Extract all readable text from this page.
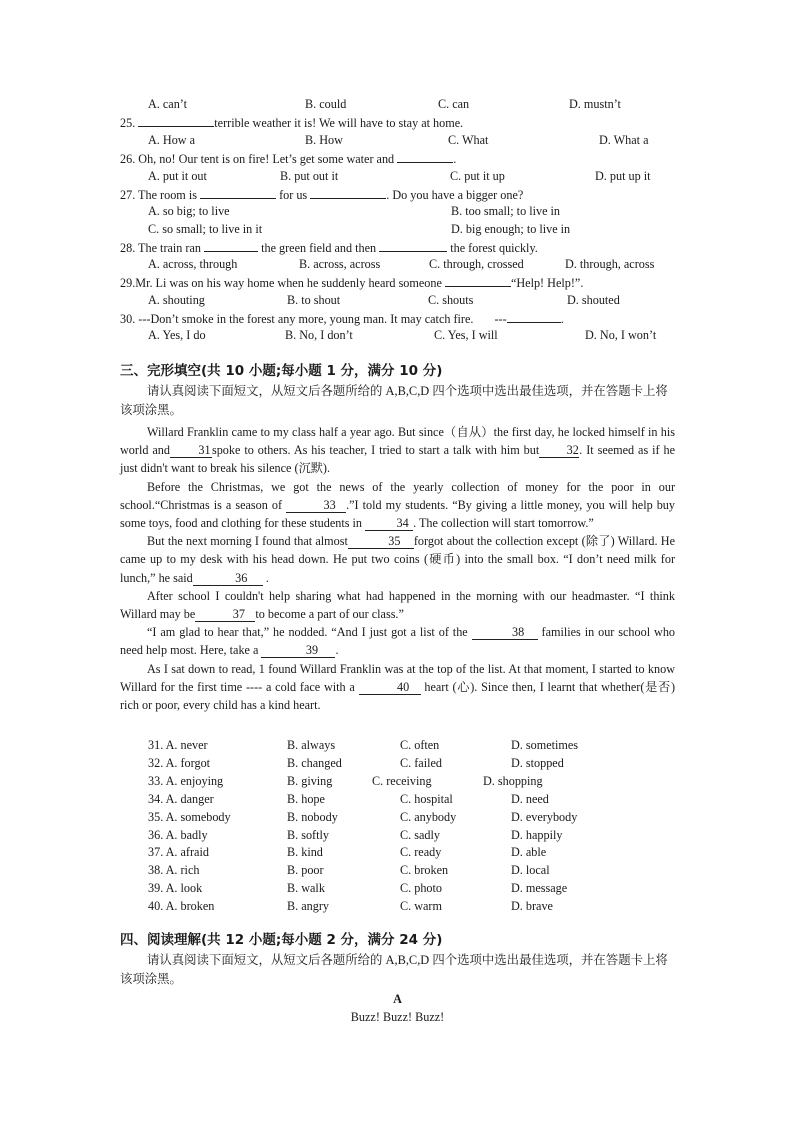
A. can’t	B. could	C. can	D. mustn’t
25.	terrible weather it is! We will have to stay at home.
A. How a	B. How	C. What	D. What a
26. Oh, no! Our tent is on fire! Let’s get some water and	.
A. put it out	B. put out it	C. put it up	D. put up it
27. The room is	for us	. Do you have a bigger one?
A. so big; to live	B. too small; to live in
C. so small; to live in it	D. big enough; to live in
28. The train ran	the green field and then	the forest quickly.
A. across, through	B. across, across	C. through, crossed	D. through, across
29.Mr. Li was on his way home when he suddenly heard someone	“Help! Help!”.
A. shouting	B. to shout	C. shouts	D. shouted
30. ---Don’t smoke in the forest any more, young man. It may catch fire. ---	.
A. Yes, I do	B. No, I don’t	C. Yes, I will	D. No, I won’t
三、完形填空(共 10 小题;每小题 1 分，满分 10 分)
请认真阅读下面短文，从短文后各题所给的 A,B,C,D 四个选项中选出最佳选项，并在答题卡上将该项涂黑。
Willard Franklin came to my class half a year ago. But since（自从）the first day, he locked himself in his world and 31spoke to others. As his teacher, I tried to start a talk with him but 32. It seemed as if he just didn't want to break his silence (沉默).
Before the Christmas, we got the news of the yearly collection of money for the poor in our school.“Christmas is a season of	33 .”I told my students. “By giving a little money, you will help buy some toys, food and clothing for these students in	34 . The collection will start tomorrow.”
But the next morning I found that almost	35 forgot about the collection except (除了) Willard. He came up to my desk with his head down. He put two coins (硬币) into the small box. “I don’t need milk for lunch,” he said	36 .
After school I couldn't help sharing what had happened in the morning with our headmaster. “I think Willard may be	37 to become a part of our class.”
“I am glad to hear that,” he nodded. “And I just got a list of the	38 families in our school who need help most. Here, take a	39 .
As I sat down to read, 1 found Willard Franklin was at the top of the list. At that moment, I started to know Willard for the first time ---- a cold face with a	40 heart (心). Since then, I learnt that whether(是否) rich or poor, every child has a kind heart.
31. A. never	B. always	C. often	D. sometimes
32. A. forgot	B. changed	C. failed	D. stopped
33. A. enjoying	B. giving	C. receiving	D. shopping
34. A. danger	B. hope	C. hospital	D. need
35. A. somebody	B. nobody	C. anybody	D. everybody
36. A. badly	B. softly	C. sadly	D. happily
37. A. afraid	B. kind	C. ready	D. able
38. A. rich	B. poor	C. broken	D. local
39. A. look	B. walk	C. photo	D. message
40. A. broken	B. angry	C. warm	D. brave
四、阅读理解(共 12 小题;每小题 2 分，满分 24 分)
请认真阅读下面短文，从短文后各题所给的 A,B,C,D 四个选项中选出最佳选项，并在答题卡上将该项涂黑。
A
Buzz! Buzz! Buzz!
